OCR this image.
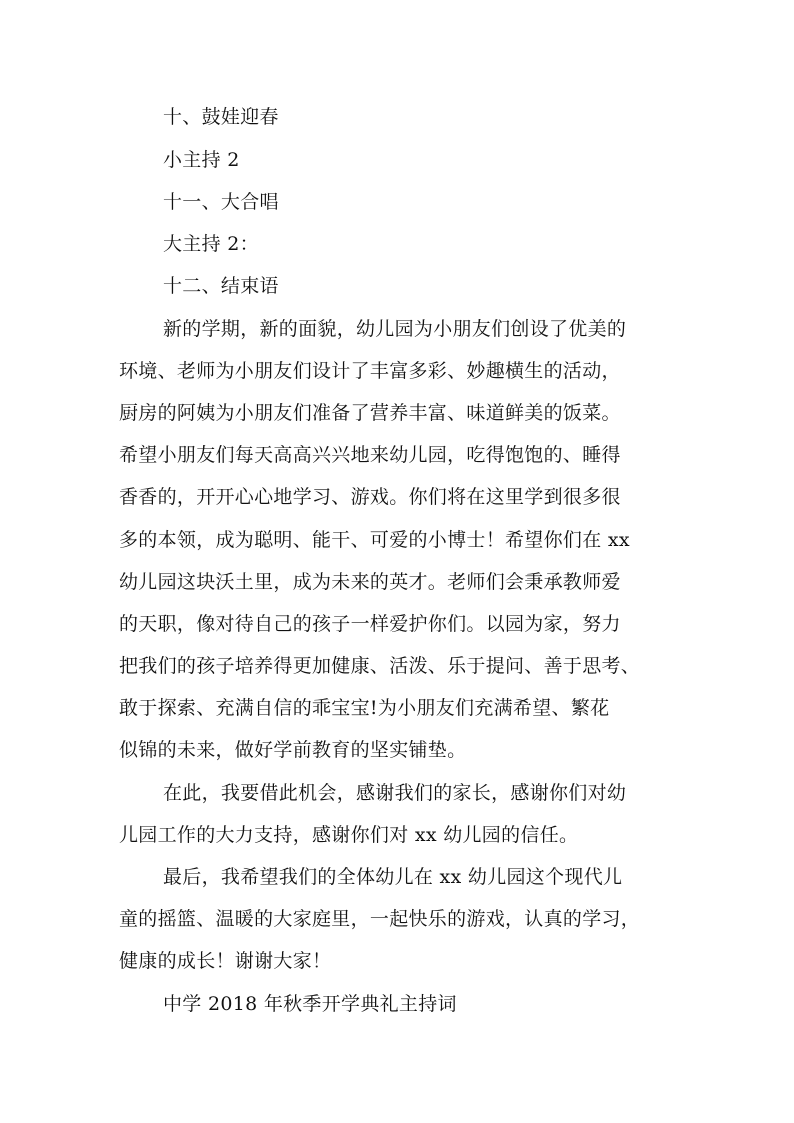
十、鼓娃迎春
小主持 2
十一、大合唱
大主持 2：
十二、结束语
新的学期，新的面貌，幼儿园为小朋友们创设了优美的
环境、老师为小朋友们设计了丰富多彩、妙趣横生的活动，
厨房的阿姨为小朋友们准备了营养丰富、味道鲜美的饭菜。
希望小朋友们每天高高兴兴地来幼儿园，吃得饱饱的、睡得
香香的，开开心心地学习、游戏。你们将在这里学到很多很
多的本领，成为聪明、能干、可爱的小博士！希望你们在 xx
幼儿园这块沃土里，成为未来的英才。老师们会秉承教师爱
的天职，像对待自己的孩子一样爱护你们。以园为家，努力
把我们的孩子培养得更加健康、活泼、乐于提问、善于思考、
敢于探索、充满自信的乖宝宝!为小朋友们充满希望、繁花
似锦的未来，做好学前教育的坚实铺垫。
在此，我要借此机会，感谢我们的家长，感谢你们对幼
儿园工作的大力支持，感谢你们对 xx 幼儿园的信任。
最后，我希望我们的全体幼儿在 xx 幼儿园这个现代儿
童的摇篮、温暖的大家庭里，一起快乐的游戏，认真的学习，
健康的成长！谢谢大家！
中学 2018 年秋季开学典礼主持词
